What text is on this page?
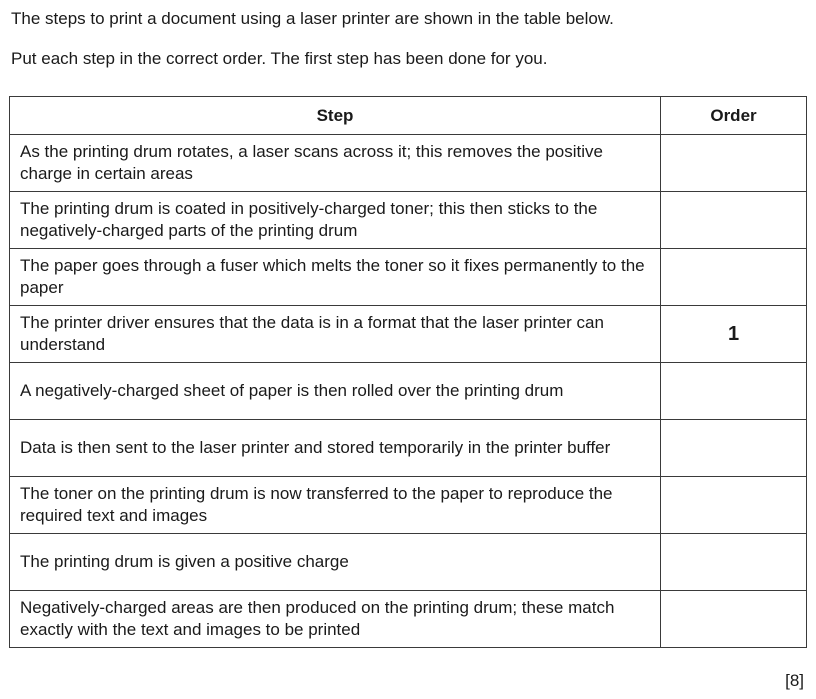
The steps to print a document using a laser printer are shown in the table below.

Put each step in the correct order. The first step has been done for you.

Step	Order
As the printing drum rotates, a laser scans across it; this removes the positive charge in certain areas	
The printing drum is coated in positively-charged toner; this then sticks to the negatively-charged parts of the printing drum	
The paper goes through a fuser which melts the toner so it fixes permanently to the paper	
The printer driver ensures that the data is in a format that the laser printer can understand	1
A negatively-charged sheet of paper is then rolled over the printing drum	
Data is then sent to the laser printer and stored temporarily in the printer buffer	
The toner on the printing drum is now transferred to the paper to reproduce the required text and images	
The printing drum is given a positive charge	
Negatively-charged areas are then produced on the printing drum; these match exactly with the text and images to be printed	
[8]
